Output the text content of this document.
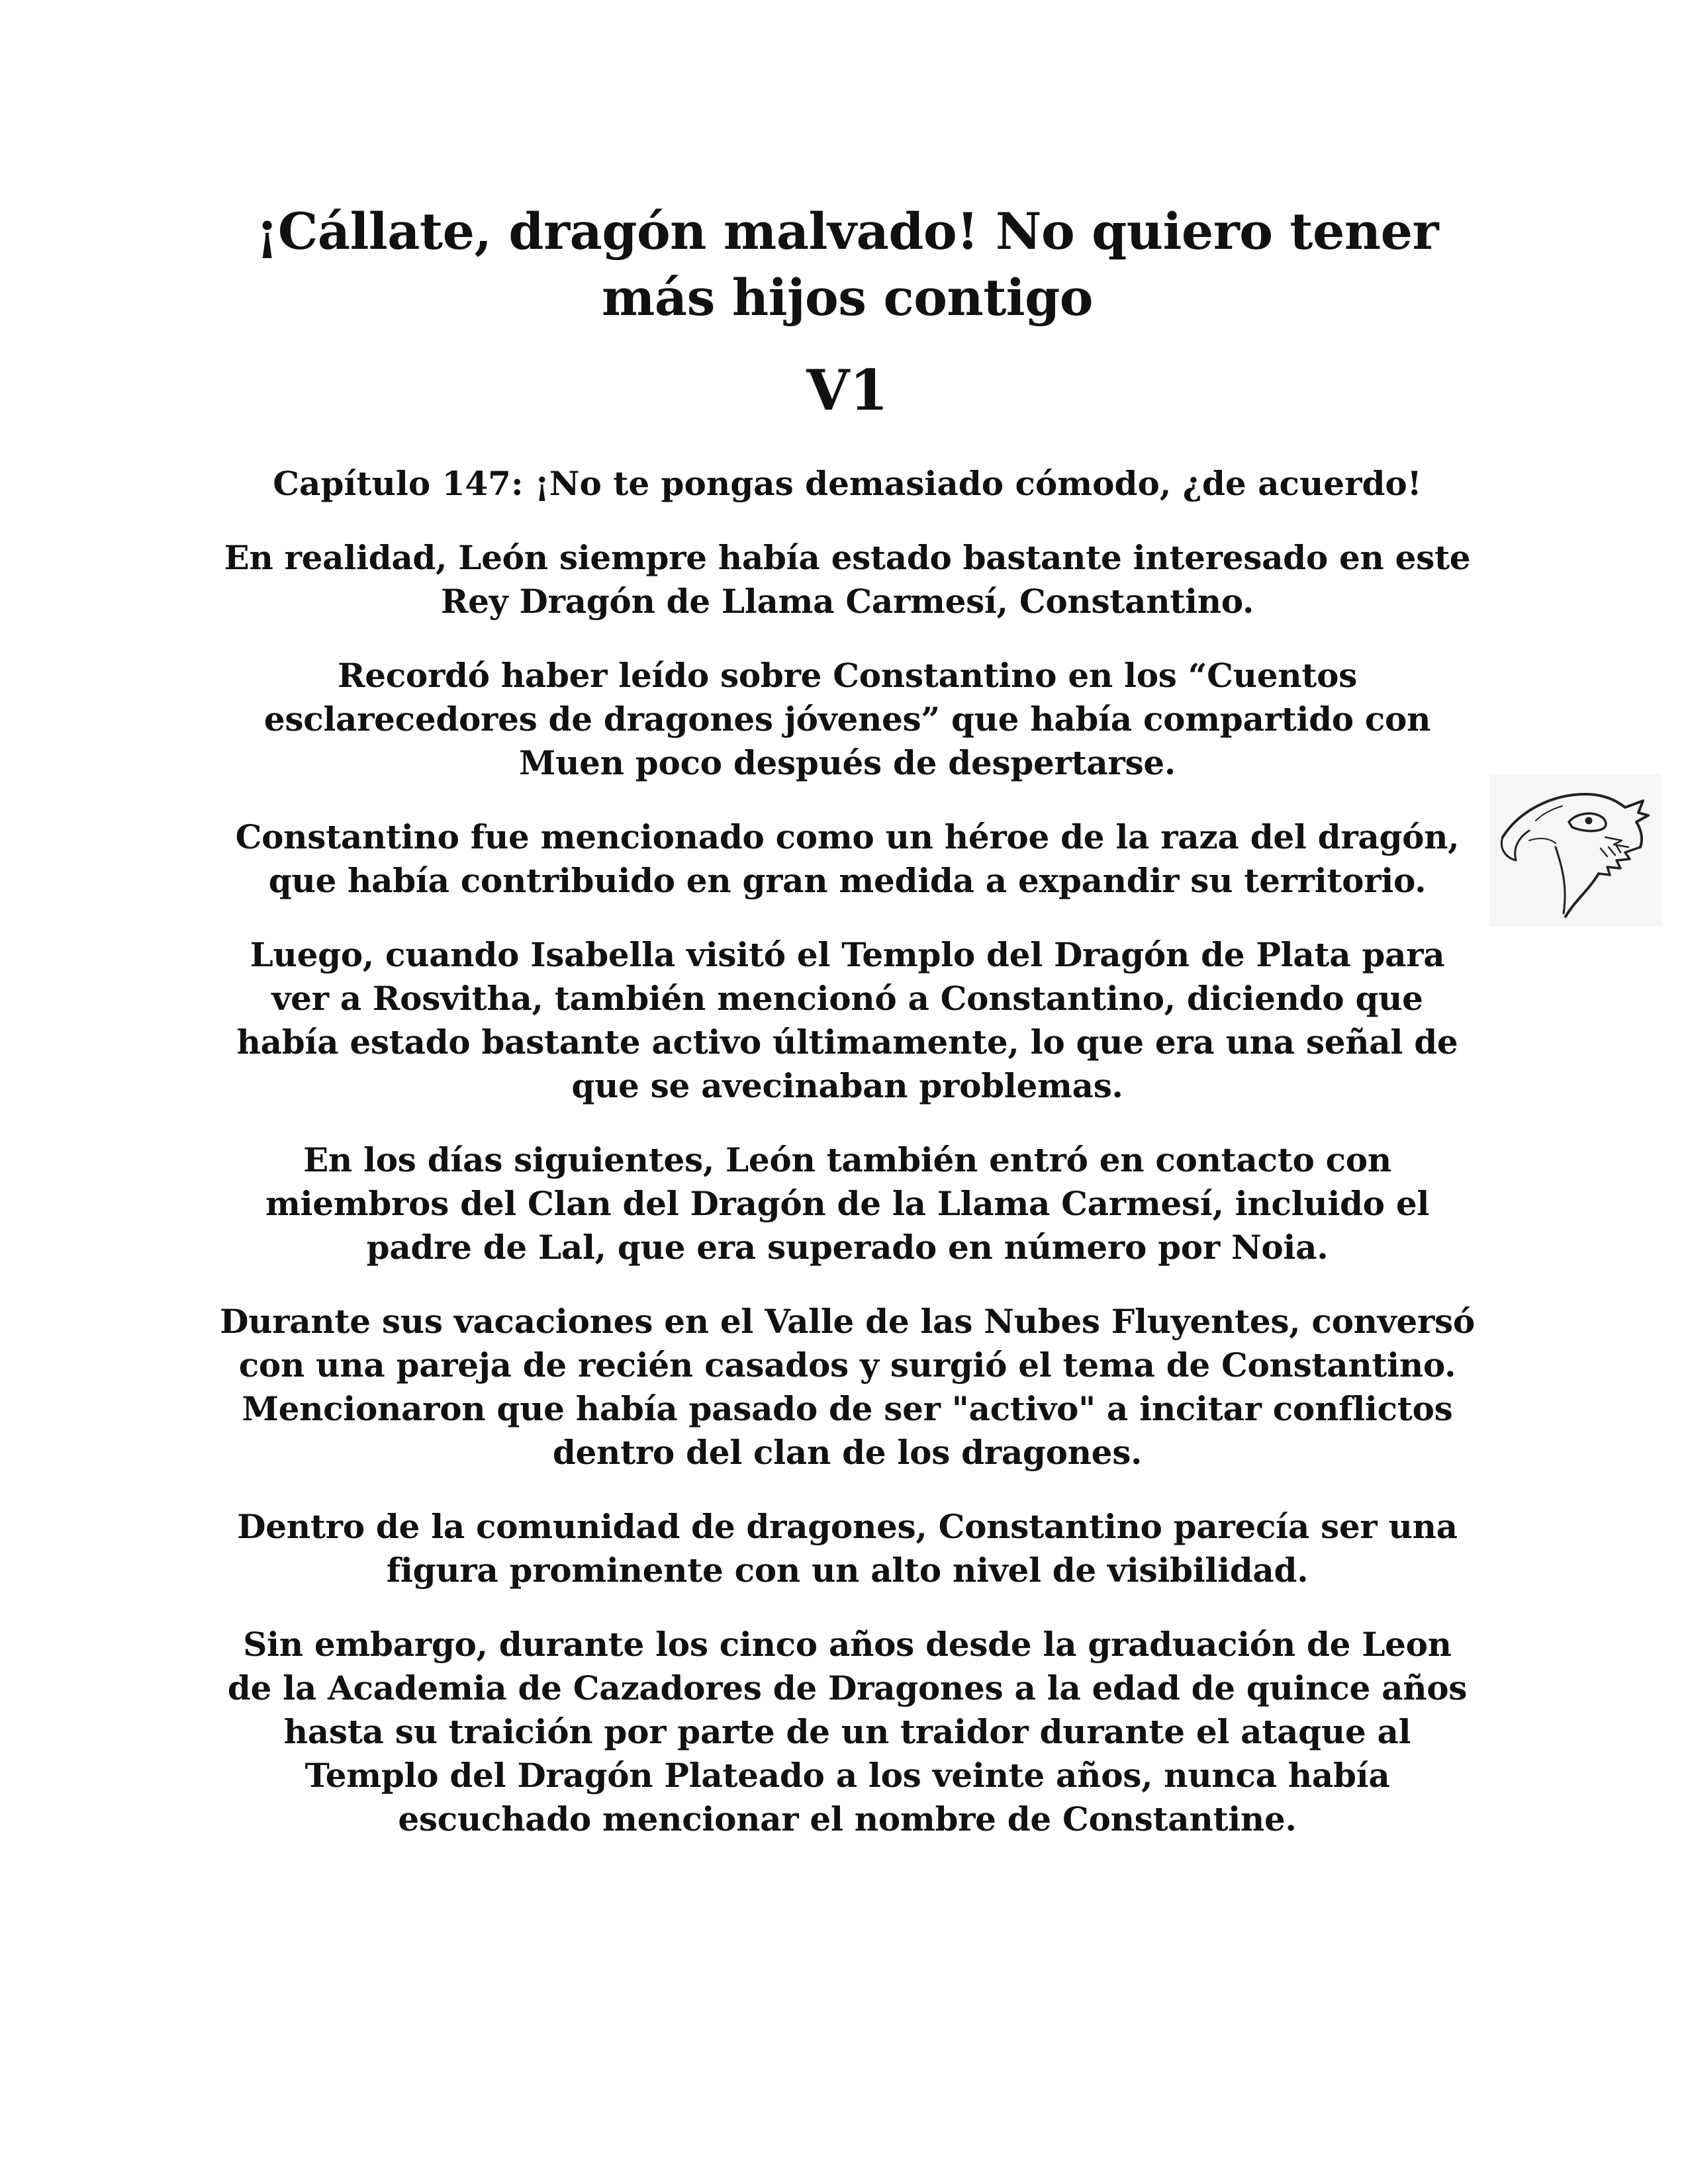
¡Cállate, dragón malvado! No quiero tener
más hijos contigo
V1

Capítulo 147: ¡No te pongas demasiado cómodo, ¿de acuerdo!

En realidad, León siempre había estado bastante interesado en este Rey Dragón de Llama Carmesí, Constantino.

Recordó haber leído sobre Constantino en los “Cuentos esclarecedores de dragones jóvenes” que había compartido con Muen poco después de despertarse.

Constantino fue mencionado como un héroe de la raza del dragón, que había contribuido en gran medida a expandir su territorio.

Luego, cuando Isabella visitó el Templo del Dragón de Plata para ver a Rosvitha, también mencionó a Constantino, diciendo que había estado bastante activo últimamente, lo que era una señal de que se avecinaban problemas.

En los días siguientes, León también entró en contacto con miembros del Clan del Dragón de la Llama Carmesí, incluido el padre de Lal, que era superado en número por Noia.

Durante sus vacaciones en el Valle de las Nubes Fluyentes, conversó con una pareja de recién casados y surgió el tema de Constantino. Mencionaron que había pasado de ser "activo" a incitar conflictos dentro del clan de los dragones.

Dentro de la comunidad de dragones, Constantino parecía ser una figura prominente con un alto nivel de visibilidad.

Sin embargo, durante los cinco años desde la graduación de Leon de la Academia de Cazadores de Dragones a la edad de quince años hasta su traición por parte de un traidor durante el ataque al Templo del Dragón Plateado a los veinte años, nunca había escuchado mencionar el nombre de Constantine.
